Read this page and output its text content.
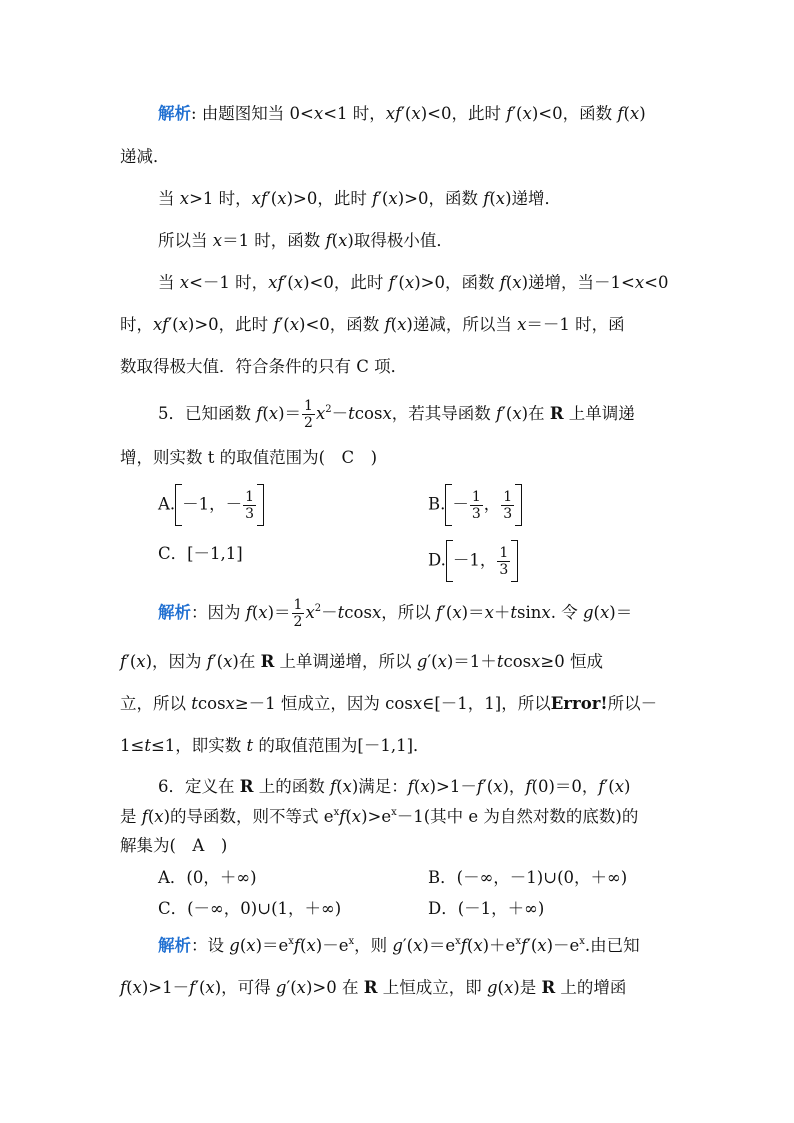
解析: 由题图知当 0<x<1 时，xf′(x)<0，此时 f′(x)<0，函数 f(x)
递减．
当 x>1 时，xf′(x)>0，此时 f′(x)>0，函数 f(x)递增．
所以当 x＝1 时，函数 f(x)取得极小值．
当 x<－1 时，xf′(x)<0，此时 f′(x)>0，函数 f(x)递增，当－1<x<0
时，xf′(x)>0，此时 f′(x)<0，函数 f(x)递减，所以当 x＝－1 时，函
数取得极大值．符合条件的只有 C 项．
5．已知函数 $f(x)= \frac{1}{2} x^2-tcosx$，若其导函数 f′(x)在 R 上单调递
增，则实数 t 的取值范围为(　C　)
A. －1，－ $\frac{1}{3}$	B. － $\frac{1}{3}$ ， $\frac{1}{3}$
C．[－1,1]	D. －1， $\frac{1}{3}$
解析：因为 $f(x)= \frac{1}{2} x^2-tcosx$，所以 f′(x)＝x＋tsinx. 令 g(x)＝
f′(x)，因为 f′(x)在 R 上单调递增，所以 g′(x)＝1＋tcosx≥0 恒成
立，所以 tcosx≥－1 恒成立，因为 cosx∈[－1，1]，所以Error!所以－
1≤t≤1，即实数 t 的取值范围为[－1,1]．
6．定义在 R 上的函数 f(x)满足：f(x)>1－f′(x)，f(0)＝0，f′(x)
是 f(x)的导函数，则不等式 $e^xf(x)>e^x-1$(其中 e 为自然对数的底数)的
解集为(　A　)
A．(0，＋∞)	B．(－∞，－1)∪(0，＋∞)
C．(－∞，0)∪(1，＋∞)	D．(－1，＋∞)
解析：设 $g(x)=e^xf(x)-e^x$，则 $g'(x)=e^xf(x)+e^xf'(x)-e^x$.由已知
f(x)>1－f′(x)，可得 g′(x)>0 在 R 上恒成立，即 g(x)是 R 上的增函
